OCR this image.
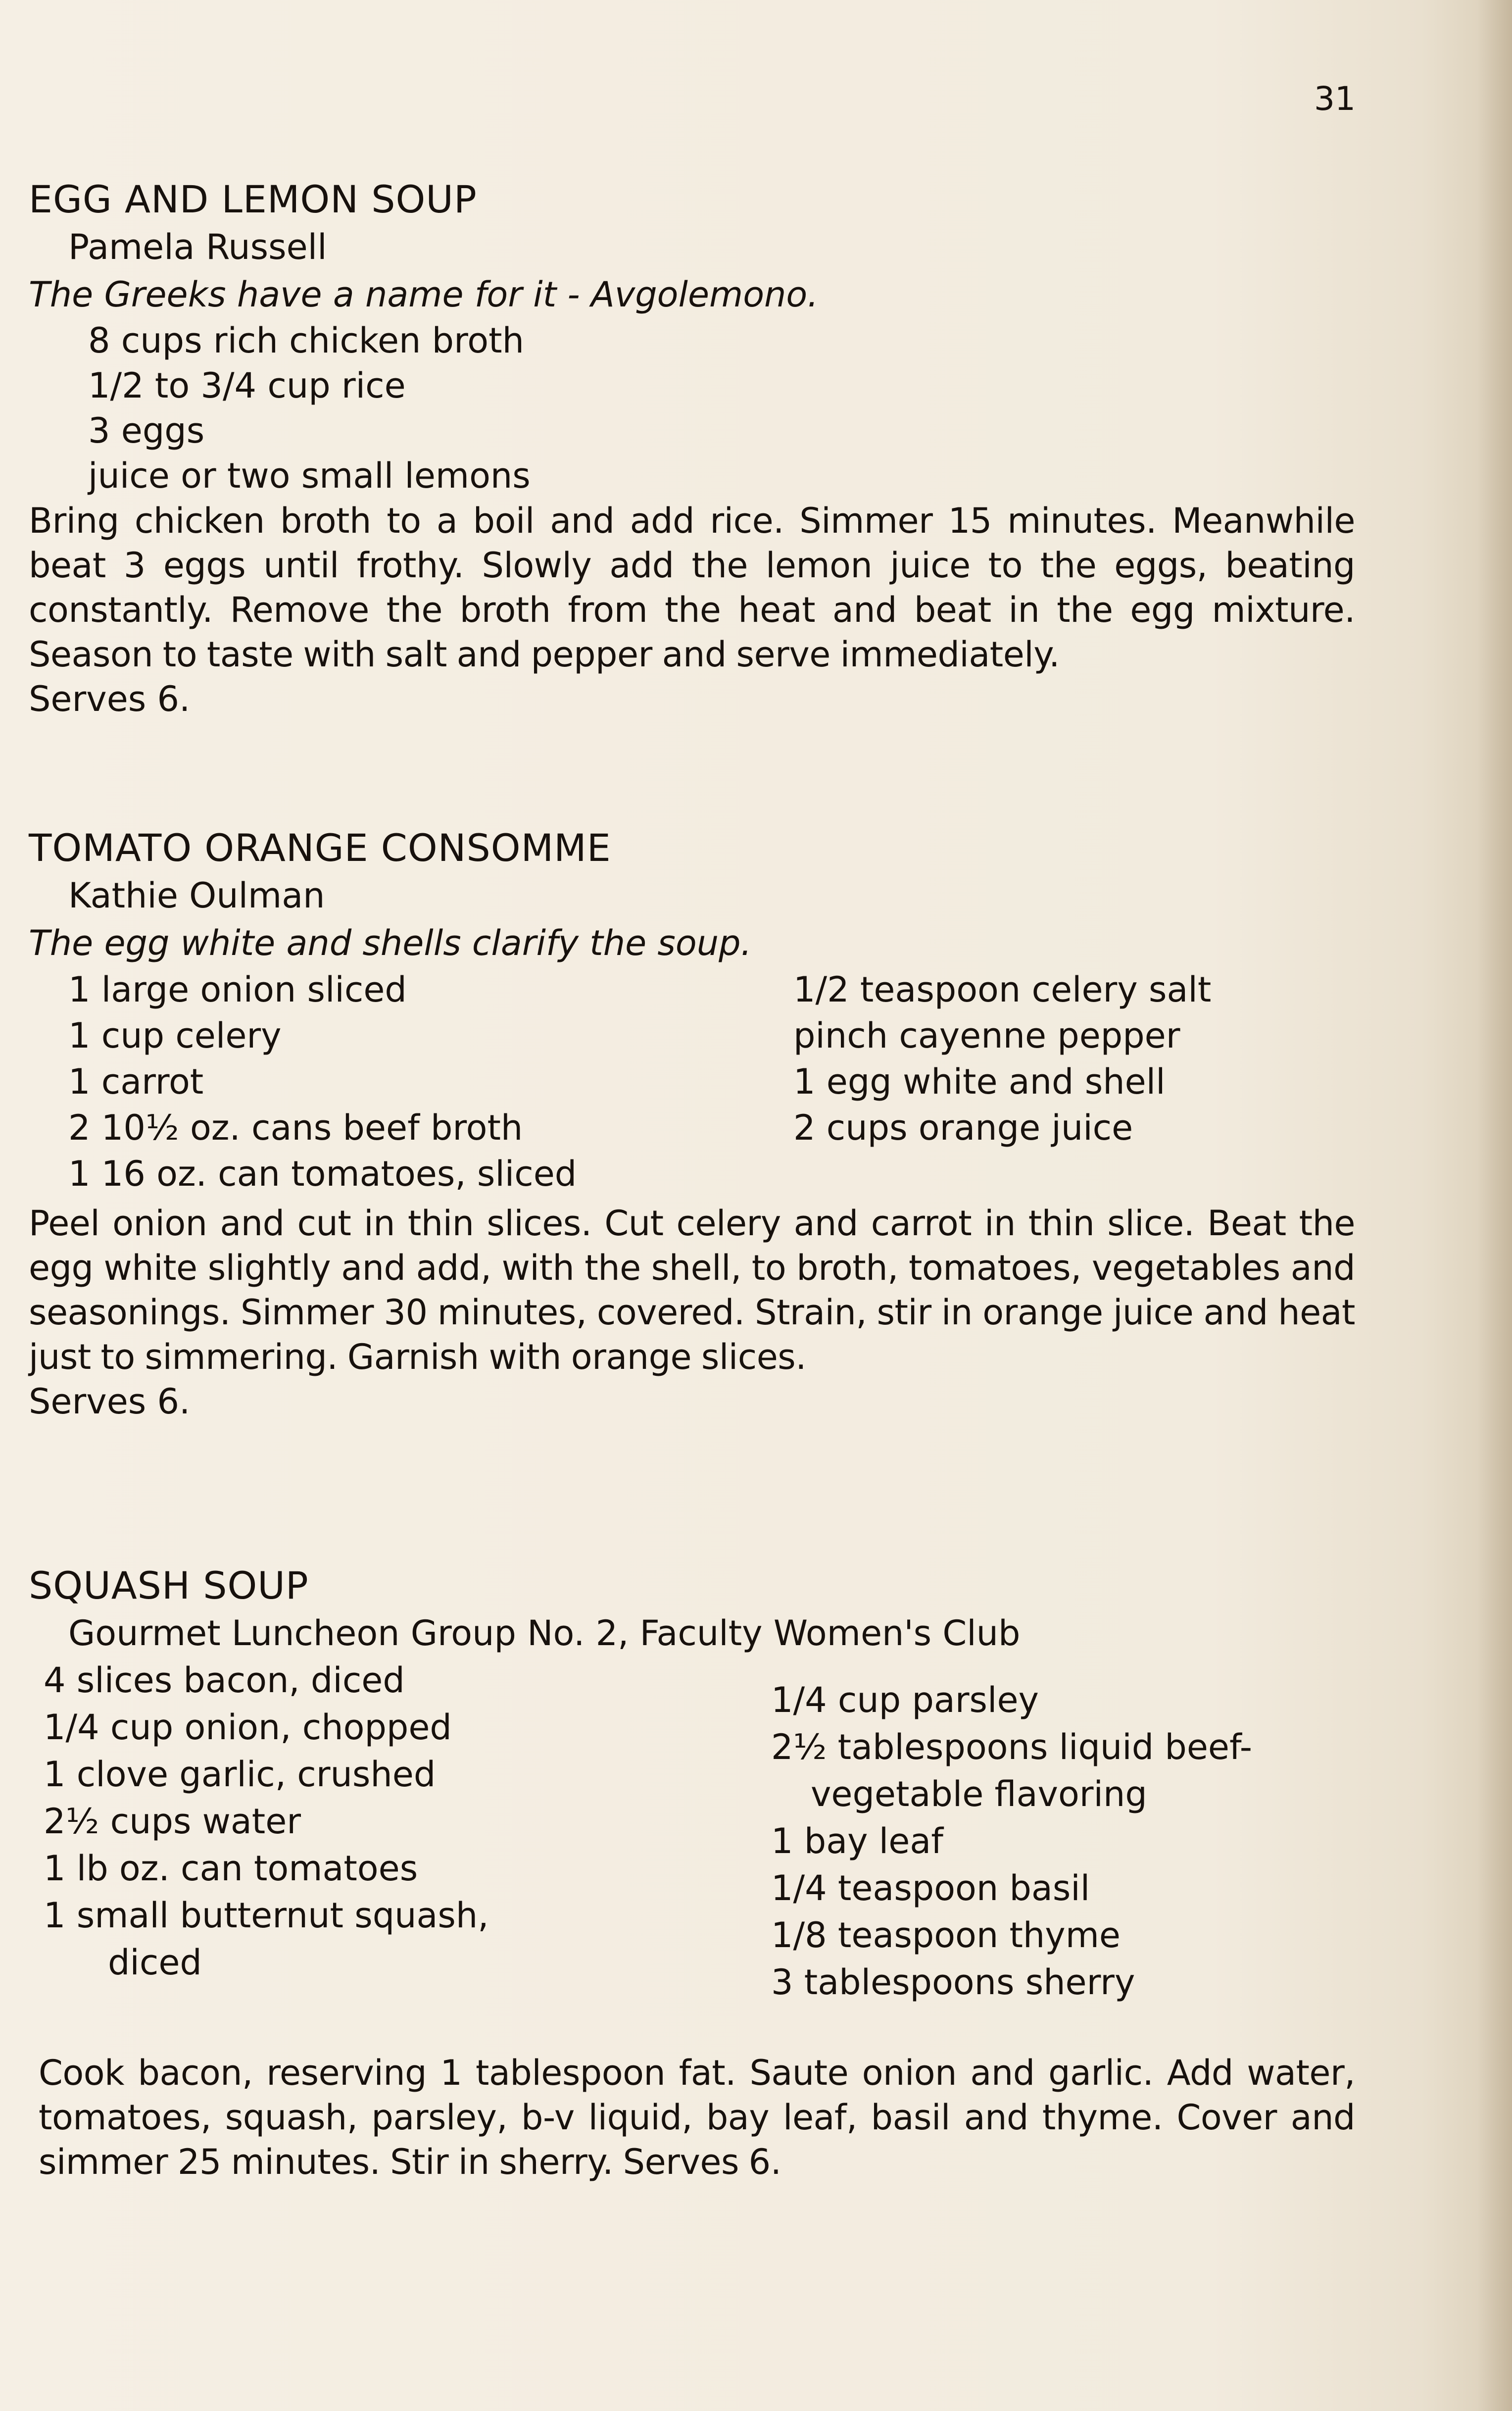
31
EGG AND LEMON SOUP
Pamela Russell
The Greeks have a name for it - Avgolemono.
8 cups rich chicken broth
1/2 to 3/4 cup rice
3 eggs
juice or two small lemons
Bring chicken broth to a boil and add rice. Simmer 15 minutes. Meanwhile beat 3 eggs until frothy. Slowly add the lemon juice to the eggs, beating constantly. Remove the broth from the heat and beat in the egg mixture. Season to taste with salt and pepper and serve immediately.
Serves 6.
TOMATO ORANGE CONSOMME
Kathie Oulman
The egg white and shells clarify the soup.
1 large onion sliced
1 cup celery
1 carrot
2 10½ oz. cans beef broth
1 16 oz. can tomatoes, sliced
1/2 teaspoon celery salt
pinch cayenne pepper
1 egg white and shell
2 cups orange juice
Peel onion and cut in thin slices. Cut celery and carrot in thin slice. Beat the egg white slightly and add, with the shell, to broth, tomatoes, vegetables and seasonings. Simmer 30 minutes, covered. Strain, stir in orange juice and heat just to simmering. Garnish with orange slices.
Serves 6.
SQUASH SOUP
Gourmet Luncheon Group No. 2, Faculty Women's Club
4 slices bacon, diced
1/4 cup onion, chopped
1 clove garlic, crushed
2½ cups water
1 lb oz. can tomatoes
1 small butternut squash,
diced
1/4 cup parsley
2½ tablespoons liquid beef-
vegetable flavoring
1 bay leaf
1/4 teaspoon basil
1/8 teaspoon thyme
3 tablespoons sherry
Cook bacon, reserving 1 tablespoon fat. Saute onion and garlic. Add water, tomatoes, squash, parsley, b-v liquid, bay leaf, basil and thyme. Cover and simmer 25 minutes. Stir in sherry. Serves 6.
